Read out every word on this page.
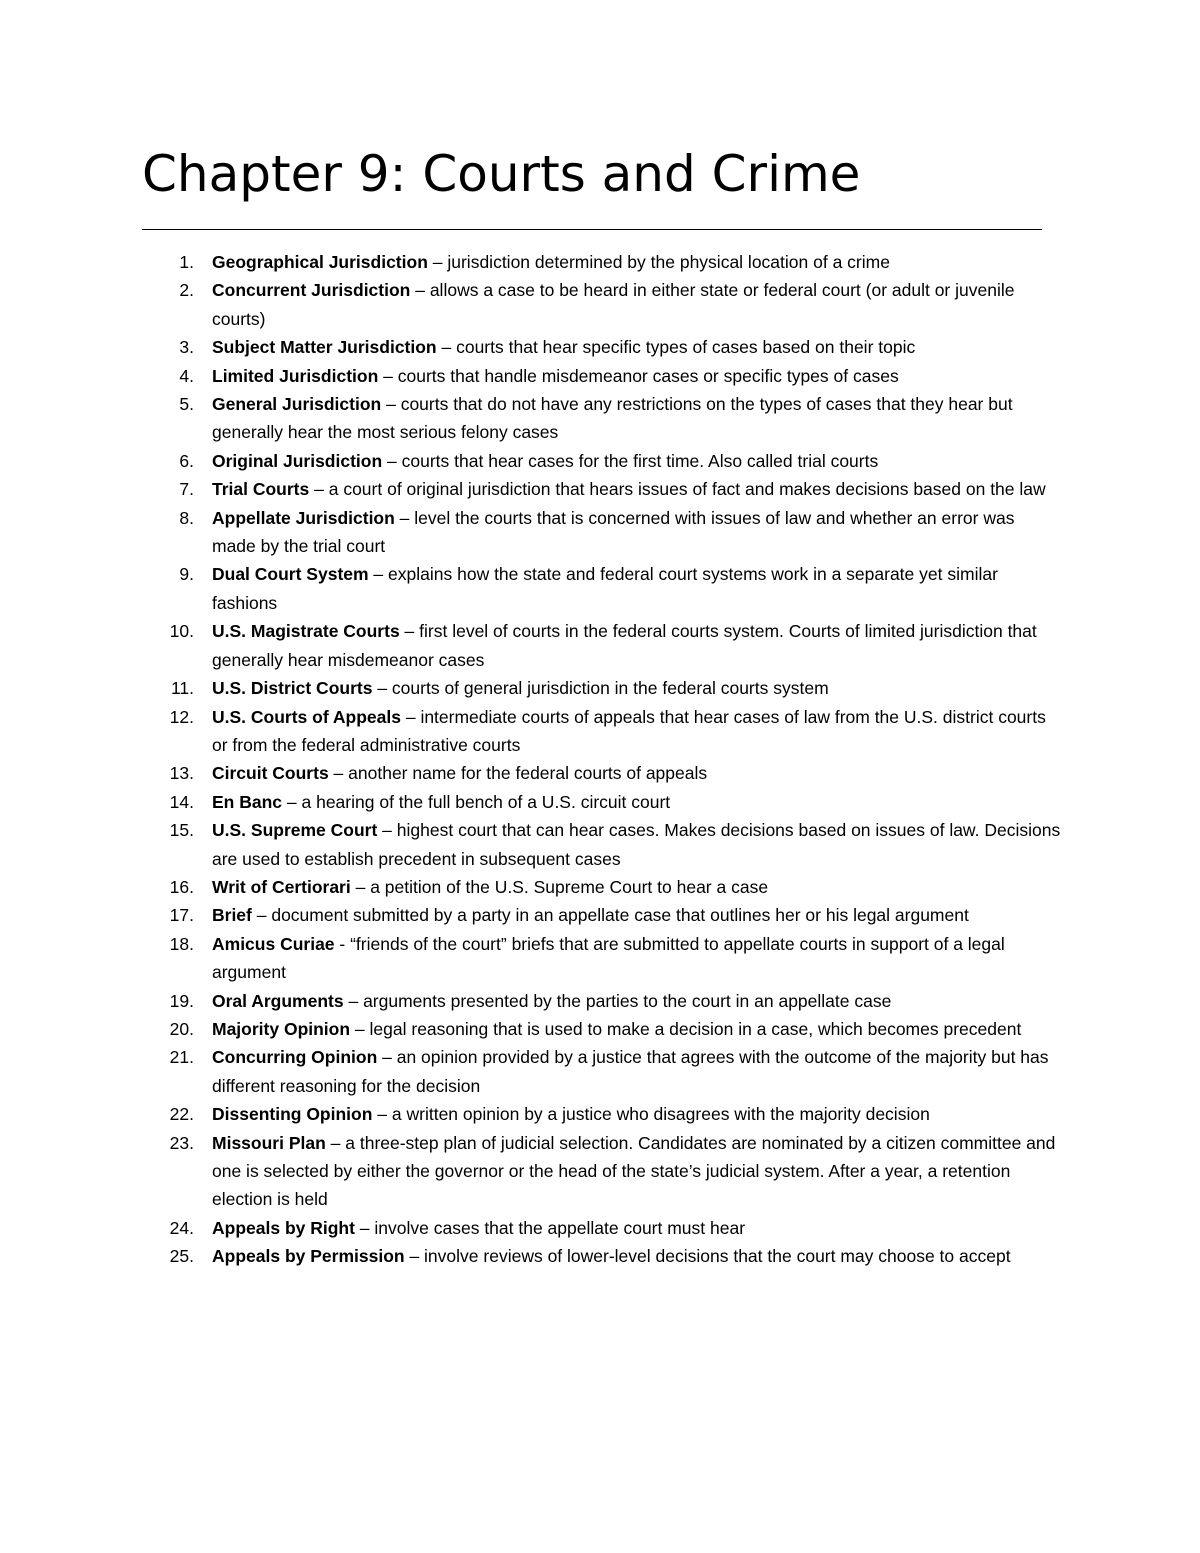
Chapter 9: Courts and Crime
1. Geographical Jurisdiction – jurisdiction determined by the physical location of a crime
2. Concurrent Jurisdiction – allows a case to be heard in either state or federal court (or adult or juvenile courts)
3. Subject Matter Jurisdiction – courts that hear specific types of cases based on their topic
4. Limited Jurisdiction – courts that handle misdemeanor cases or specific types of cases
5. General Jurisdiction – courts that do not have any restrictions on the types of cases that they hear but generally hear the most serious felony cases
6. Original Jurisdiction – courts that hear cases for the first time. Also called trial courts
7. Trial Courts – a court of original jurisdiction that hears issues of fact and makes decisions based on the law
8. Appellate Jurisdiction – level the courts that is concerned with issues of law and whether an error was made by the trial court
9. Dual Court System – explains how the state and federal court systems work in a separate yet similar fashions
10. U.S. Magistrate Courts – first level of courts in the federal courts system. Courts of limited jurisdiction that generally hear misdemeanor cases
11. U.S. District Courts – courts of general jurisdiction in the federal courts system
12. U.S. Courts of Appeals – intermediate courts of appeals that hear cases of law from the U.S. district courts or from the federal administrative courts
13. Circuit Courts – another name for the federal courts of appeals
14. En Banc – a hearing of the full bench of a U.S. circuit court
15. U.S. Supreme Court – highest court that can hear cases. Makes decisions based on issues of law. Decisions are used to establish precedent in subsequent cases
16. Writ of Certiorari – a petition of the U.S. Supreme Court to hear a case
17. Brief – document submitted by a party in an appellate case that outlines her or his legal argument
18. Amicus Curiae - “friends of the court” briefs that are submitted to appellate courts in support of a legal argument
19. Oral Arguments – arguments presented by the parties to the court in an appellate case
20. Majority Opinion – legal reasoning that is used to make a decision in a case, which becomes precedent
21. Concurring Opinion – an opinion provided by a justice that agrees with the outcome of the majority but has different reasoning for the decision
22. Dissenting Opinion – a written opinion by a justice who disagrees with the majority decision
23. Missouri Plan – a three-step plan of judicial selection. Candidates are nominated by a citizen committee and one is selected by either the governor or the head of the state’s judicial system. After a year, a retention election is held
24. Appeals by Right – involve cases that the appellate court must hear
25. Appeals by Permission – involve reviews of lower-level decisions that the court may choose to accept
